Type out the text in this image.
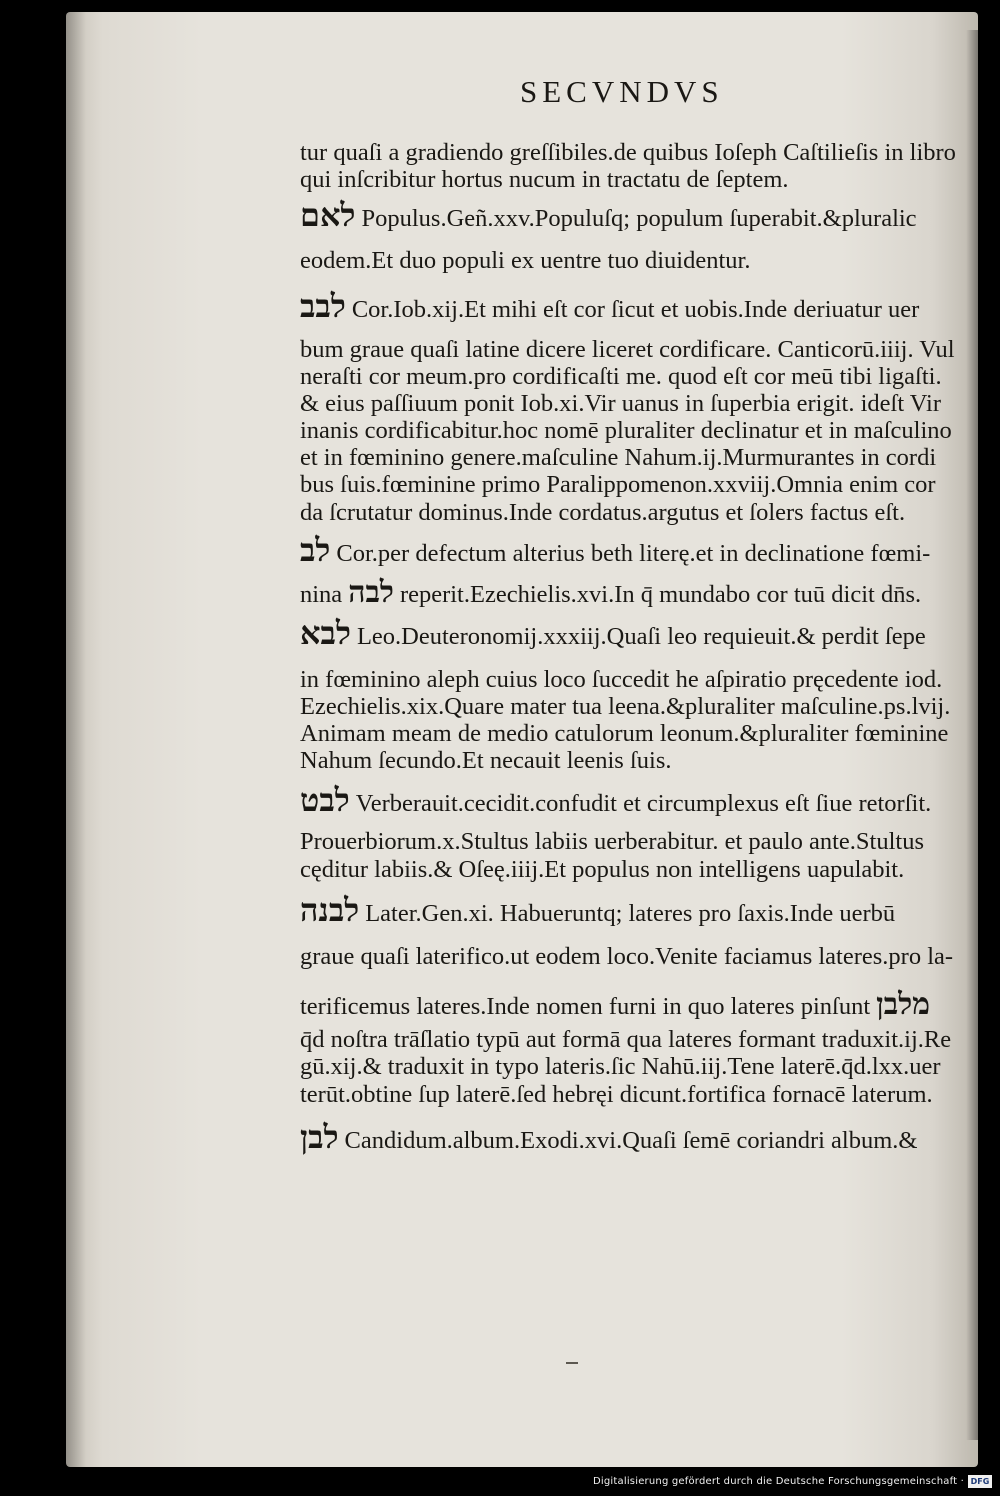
SECVNDVS
tur quaſi a gradiendo greſſibiles.de quibus Ioſeph Caſtilieſis in libro
qui inſcribitur hortus nucum in tractatu de ſeptem.
לאם Populus.Geñ.xxv.Populuſq; populum ſuperabit.&pluralic
eodem.Et duo populi ex uentre tuo diuidentur.
לבב Cor.Iob.xij.Et mihi eſt cor ſicut et uobis.Inde deriuatur uer
bum graue quaſi latine dicere liceret cordificare. Canticorū.iiij. Vul
neraſti cor meum.pro cordificaſti me. quod eſt cor meū tibi ligaſti.
& eius paſſiuum ponit Iob.xi.Vir uanus in ſuperbia erigit. ideſt Vir
inanis cordificabitur.hoc nomē pluraliter declinatur et in maſculino
et in fœminino genere.maſculine Nahum.ij.Murmurantes in cordi
bus ſuis.fœminine primo Paralippomenon.xxviij.Omnia enim cor
da ſcrutatur dominus.Inde cordatus.argutus et ſolers factus eſt.
לב Cor.per defectum alterius beth literę.et in declinatione fœmi-
nina לבה reperit.Ezechielis.xvi.In q̄ mundabo cor tuū dicit dn̄s.
לבא Leo.Deuteronomij.xxxiij.Quaſi leo requieuit.& perdit ſepe
in fœminino aleph cuius loco ſuccedit he aſpiratio pręcedente iod.
Ezechielis.xix.Quare mater tua leena.&pluraliter maſculine.ps.lvij.
Animam meam de medio catulorum leonum.&pluraliter fœminine
Nahum ſecundo.Et necauit leenis ſuis.
לבט Verberauit.cecidit.confudit et circumplexus eſt ſiue retorſit.
Prouerbiorum.x.Stultus labiis uerberabitur. et paulo ante.Stultus
cęditur labiis.& Oſeę.iiij.Et populus non intelligens uapulabit.
לבנה Later.Gen.xi. Habueruntq; lateres pro ſaxis.Inde uerbū
graue quaſi laterifico.ut eodem loco.Venite faciamus lateres.pro la-
terificemus lateres.Inde nomen furni in quo lateres pinſunt מלבן
q̄d noſtra trāſlatio typū aut formā qua lateres formant traduxit.ij.Re
gū.xij.& traduxit in typo lateris.ſic Nahū.iij.Tene laterē.q̄d.lxx.uer
terūt.obtine ſup laterē.ſed hebręi dicunt.fortifica fornacē laterum.
לבן Candidum.album.Exodi.xvi.Quaſi ſemē coriandri album.&
Digitalisierung gefördert durch die Deutsche Forschungsgemeinschaft · DFG
